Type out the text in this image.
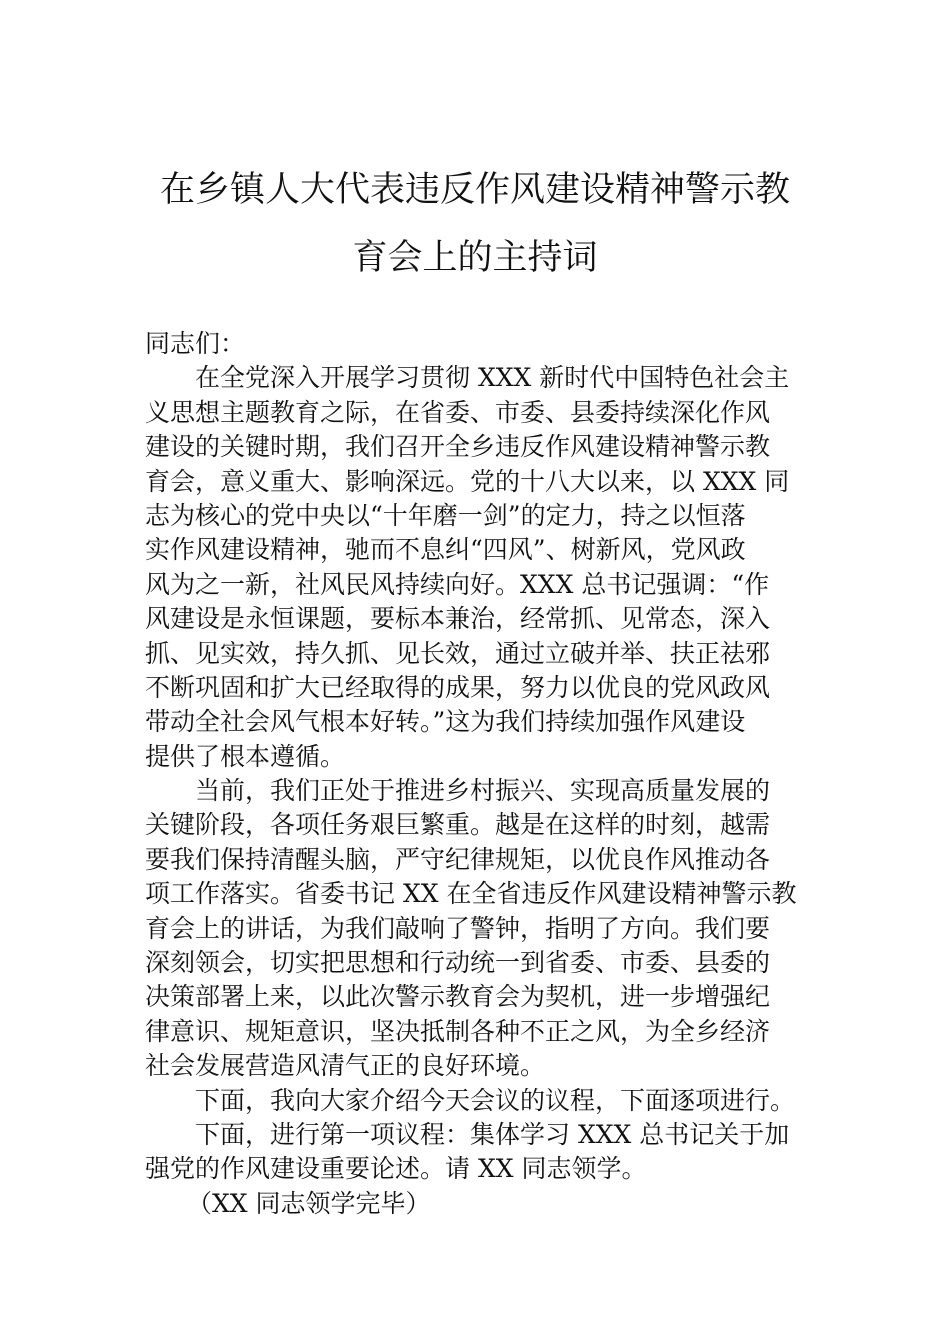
在乡镇人大代表违反作风建设精神警示教
育会上的主持词
同志们：
在全党深入开展学习贯彻 XXX 新时代中国特色社会主
义思想主题教育之际，在省委、市委、县委持续深化作风
建设的关键时期，我们召开全乡违反作风建设精神警示教
育会，意义重大、影响深远。党的十八大以来，以 XXX 同
志为核心的党中央以“十年磨一剑”的定力，持之以恒落
实作风建设精神，驰而不息纠“四风”、树新风，党风政
风为之一新，社风民风持续向好。XXX 总书记强调：“作
风建设是永恒课题，要标本兼治，经常抓、见常态，深入
抓、见实效，持久抓、见长效，通过立破并举、扶正祛邪
不断巩固和扩大已经取得的成果，努力以优良的党风政风
带动全社会风气根本好转。”这为我们持续加强作风建设
提供了根本遵循。
当前，我们正处于推进乡村振兴、实现高质量发展的
关键阶段，各项任务艰巨繁重。越是在这样的时刻，越需
要我们保持清醒头脑，严守纪律规矩，以优良作风推动各
项工作落实。省委书记 XX 在全省违反作风建设精神警示教
育会上的讲话，为我们敲响了警钟，指明了方向。我们要
深刻领会，切实把思想和行动统一到省委、市委、县委的
决策部署上来，以此次警示教育会为契机，进一步增强纪
律意识、规矩意识，坚决抵制各种不正之风，为全乡经济
社会发展营造风清气正的良好环境。
下面，我向大家介绍今天会议的议程，下面逐项进行。
下面，进行第一项议程：集体学习 XXX 总书记关于加
强党的作风建设重要论述。请 XX 同志领学。
（XX 同志领学完毕）
